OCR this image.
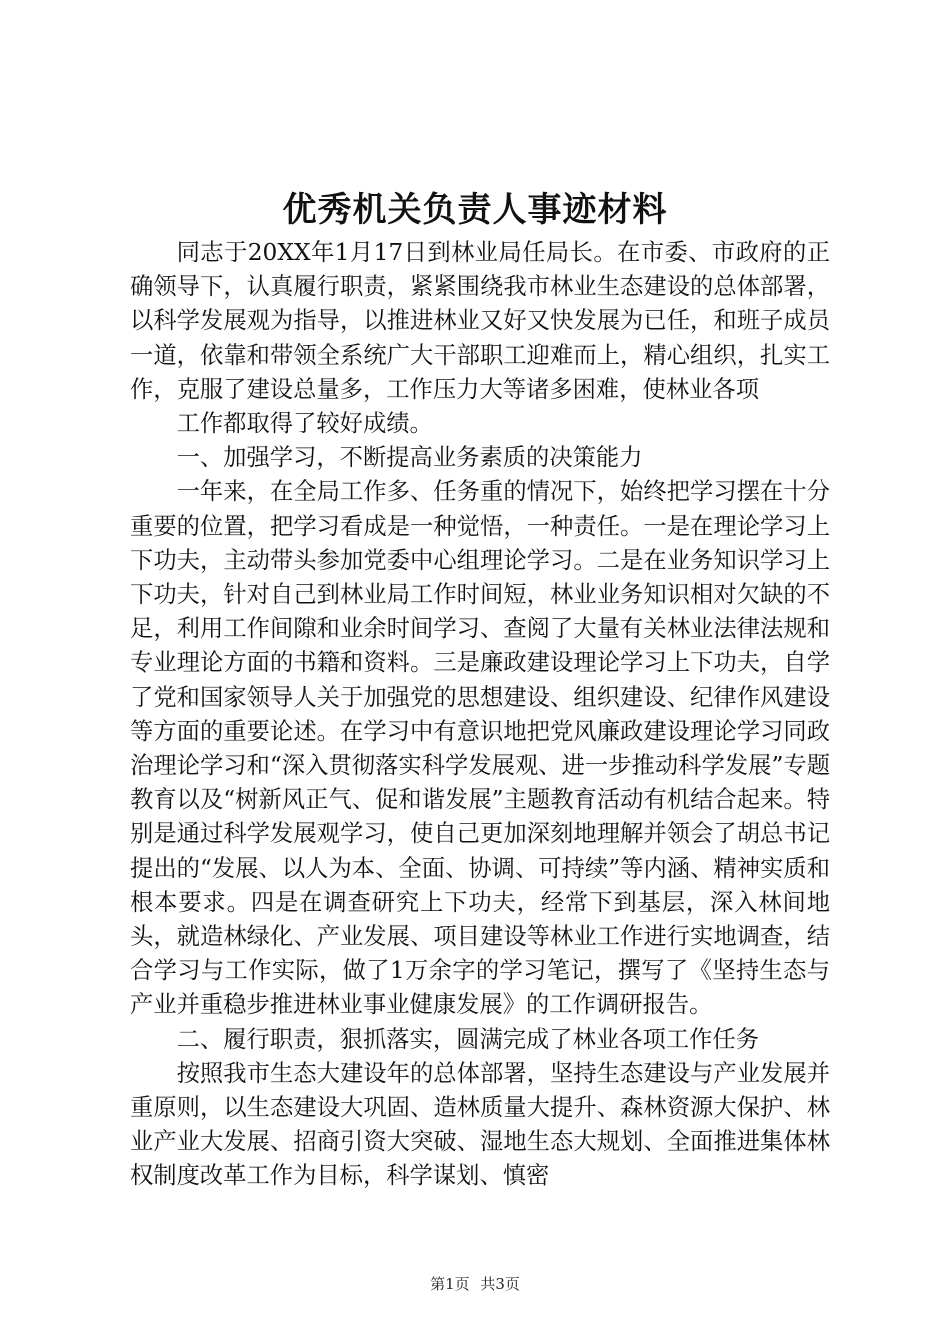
优秀机关负责人事迹材料

同志于20XX年1月17日到林业局任局长。在市委、市政府的正确领导下，认真履行职责，紧紧围绕我市林业生态建设的总体部署，以科学发展观为指导，以推进林业又好又快发展为已任，和班子成员一道，依靠和带领全系统广大干部职工迎难而上，精心组织，扎实工作，克服了建设总量多，工作压力大等诸多困难，使林业各项

工作都取得了较好成绩。

一、加强学习，不断提高业务素质的决策能力

一年来，在全局工作多、任务重的情况下，始终把学习摆在十分重要的位置，把学习看成是一种觉悟，一种责任。一是在理论学习上下功夫，主动带头参加党委中心组理论学习。二是在业务知识学习上下功夫，针对自己到林业局工作时间短，林业业务知识相对欠缺的不足，利用工作间隙和业余时间学习、查阅了大量有关林业法律法规和专业理论方面的书籍和资料。三是廉政建设理论学习上下功夫，自学了党和国家领导人关于加强党的思想建设、组织建设、纪律作风建设等方面的重要论述。在学习中有意识地把党风廉政建设理论学习同政治理论学习和“深入贯彻落实科学发展观、进一步推动科学发展”专题教育以及“树新风正气、促和谐发展”主题教育活动有机结合起来。特别是通过科学发展观学习，使自己更加深刻地理解并领会了胡总书记提出的“发展、以人为本、全面、协调、可持续”等内涵、精神实质和根本要求。四是在调查研究上下功夫，经常下到基层，深入林间地头，就造林绿化、产业发展、项目建设等林业工作进行实地调查，结合学习与工作实际，做了1万余字的学习笔记，撰写了《坚持生态与产业并重稳步推进林业事业健康发展》的工作调研报告。

二、履行职责，狠抓落实，圆满完成了林业各项工作任务

按照我市生态大建设年的总体部署，坚持生态建设与产业发展并重原则，以生态建设大巩固、造林质量大提升、森林资源大保护、林业产业大发展、招商引资大突破、湿地生态大规划、全面推进集体林权制度改革工作为目标，科学谋划、慎密

第1页 共3页
